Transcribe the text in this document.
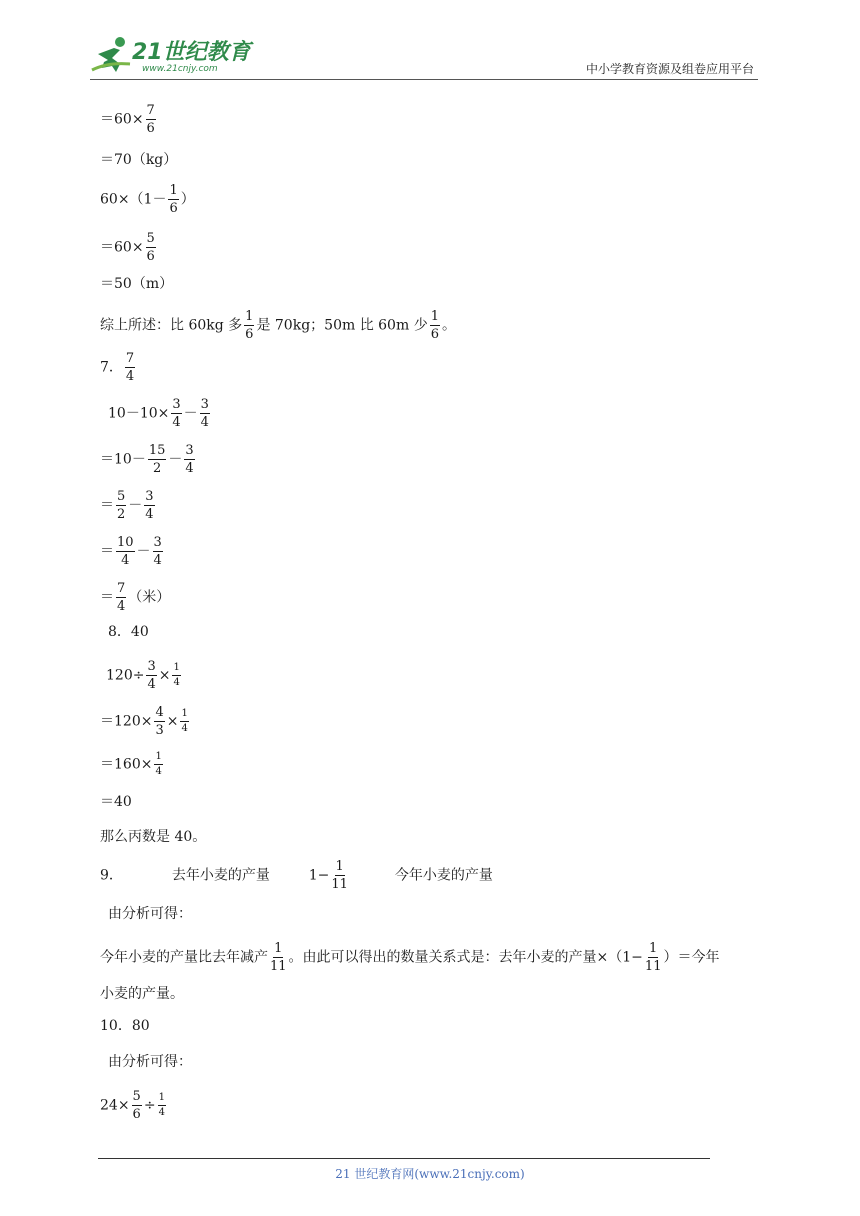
21世纪教育
www.21cnjy.com	中小学教育资源及组卷应用平台
$=60\times \frac{7}{6}$
＝70（kg）
$60\times(1- \frac{1}{6}$ ）
$=60\times \frac{5}{6}$
＝50（m）
综上所述：比 60kg 多 $\frac{1}{6}$ 是 70kg；50m 比 60m 少 $\frac{1}{6}$ 。
7． $\frac{7}{4}$
$10-10\times \frac{3}{4} - \frac{3}{4}$
$=10- \frac{15}{2} - \frac{3}{4}$
＝ $\frac{5}{2} - \frac{3}{4}$
＝ $\frac{10}{4} - \frac{3}{4}$
＝ $\frac{7}{4}$ （米）
8．40
$120\div \frac{3}{4} \times \frac{1}{4}$
$=120\times \frac{4}{3} \times \frac{1}{4}$
$=160\times \frac{1}{4}$
＝40
那么丙数是 40。
9．	去年小麦的产量	$1- \frac{1}{11}$	今年小麦的产量
由分析可得：
今年小麦的产量比去年减产 $\frac{1}{11}$ 。由此可以得出的数量关系式是：去年小麦的产量$\times(1- \frac{1}{11}$ ）＝今年
小麦的产量。
10．80
由分析可得：
$24\times \frac{5}{6} \div \frac{1}{4}$
21 世纪教育网(www.21cnjy.com)
